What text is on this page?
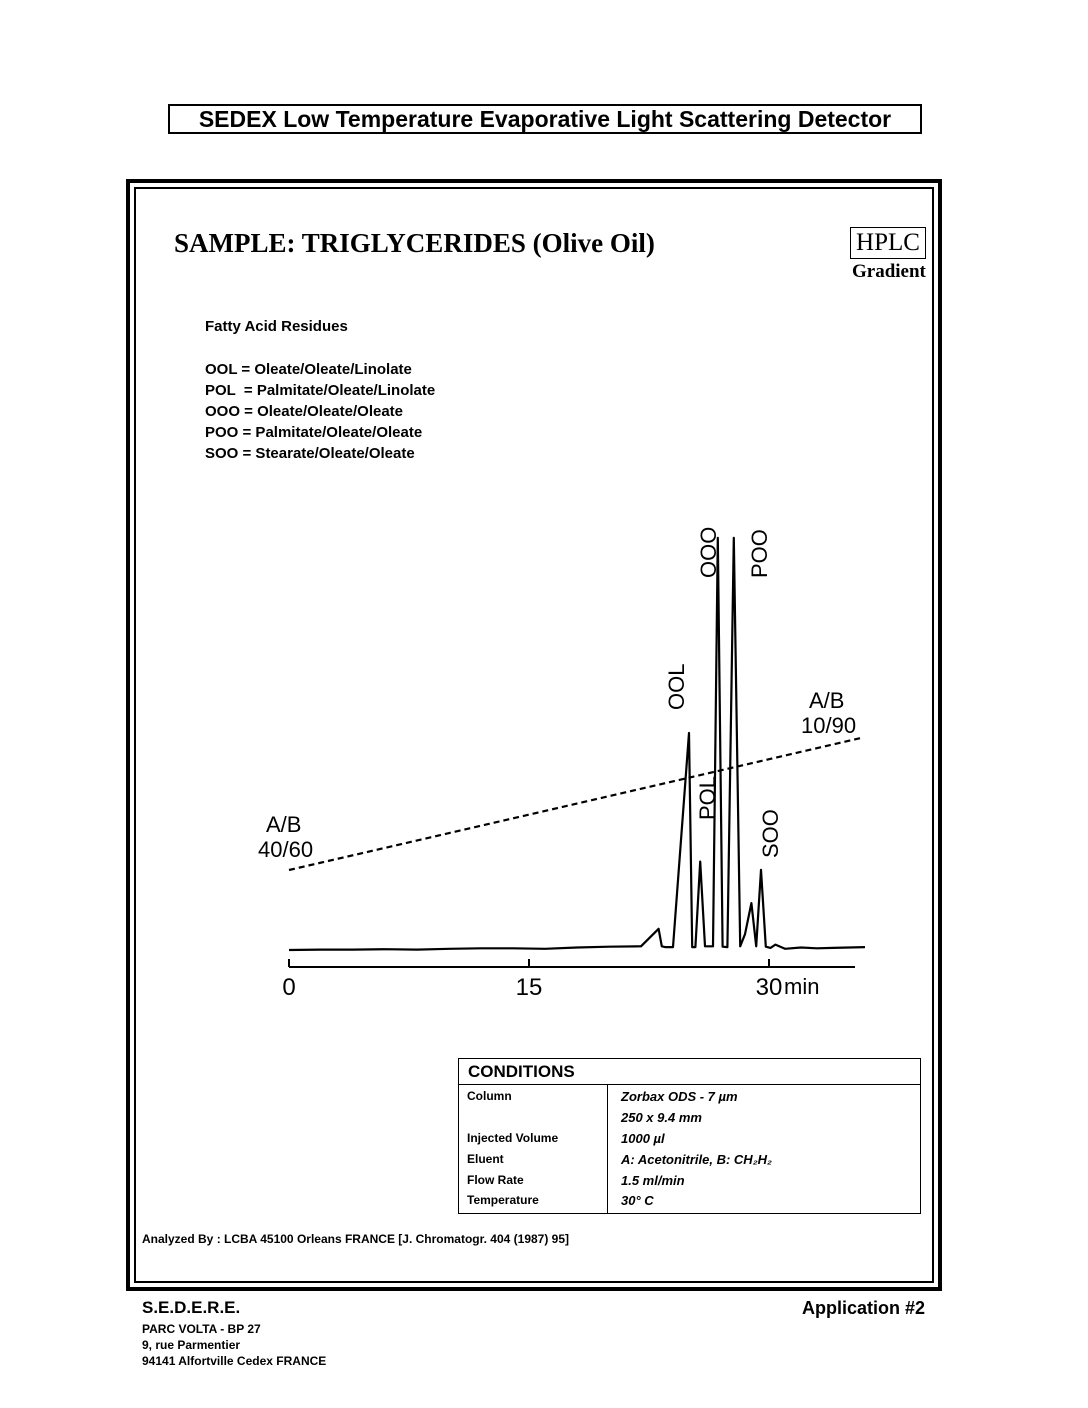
SEDEX Low Temperature Evaporative Light Scattering Detector
SAMPLE: TRIGLYCERIDES (Olive Oil)	HPLC
Gradient
Fatty Acid Residues
OOL = Oleate/Oleate/Linolate
POL  = Palmitate/Oleate/Linolate
OOO = Oleate/Oleate/Oleate
POO = Palmitate/Oleate/Oleate
SOO = Stearate/Oleate/Oleate
0	15	30 min
OOL
POL
OOO POO
SOO
A/B
40/60
A/B
10/90
CONDITIONS
Column	Zorbax ODS - 7 µm
250 x 9.4 mm
Injected Volume	1000 µl
Eluent	A: Acetonitrile, B: CH₂H₂
Flow Rate	1.5 ml/min
Temperature	30° C
Analyzed By : LCBA 45100 Orleans FRANCE [J. Chromatogr. 404 (1987) 95]
S.E.D.E.R.E.
PARC VOLTA - BP 27
9, rue Parmentier
94141 Alfortville Cedex FRANCE
Application #2
